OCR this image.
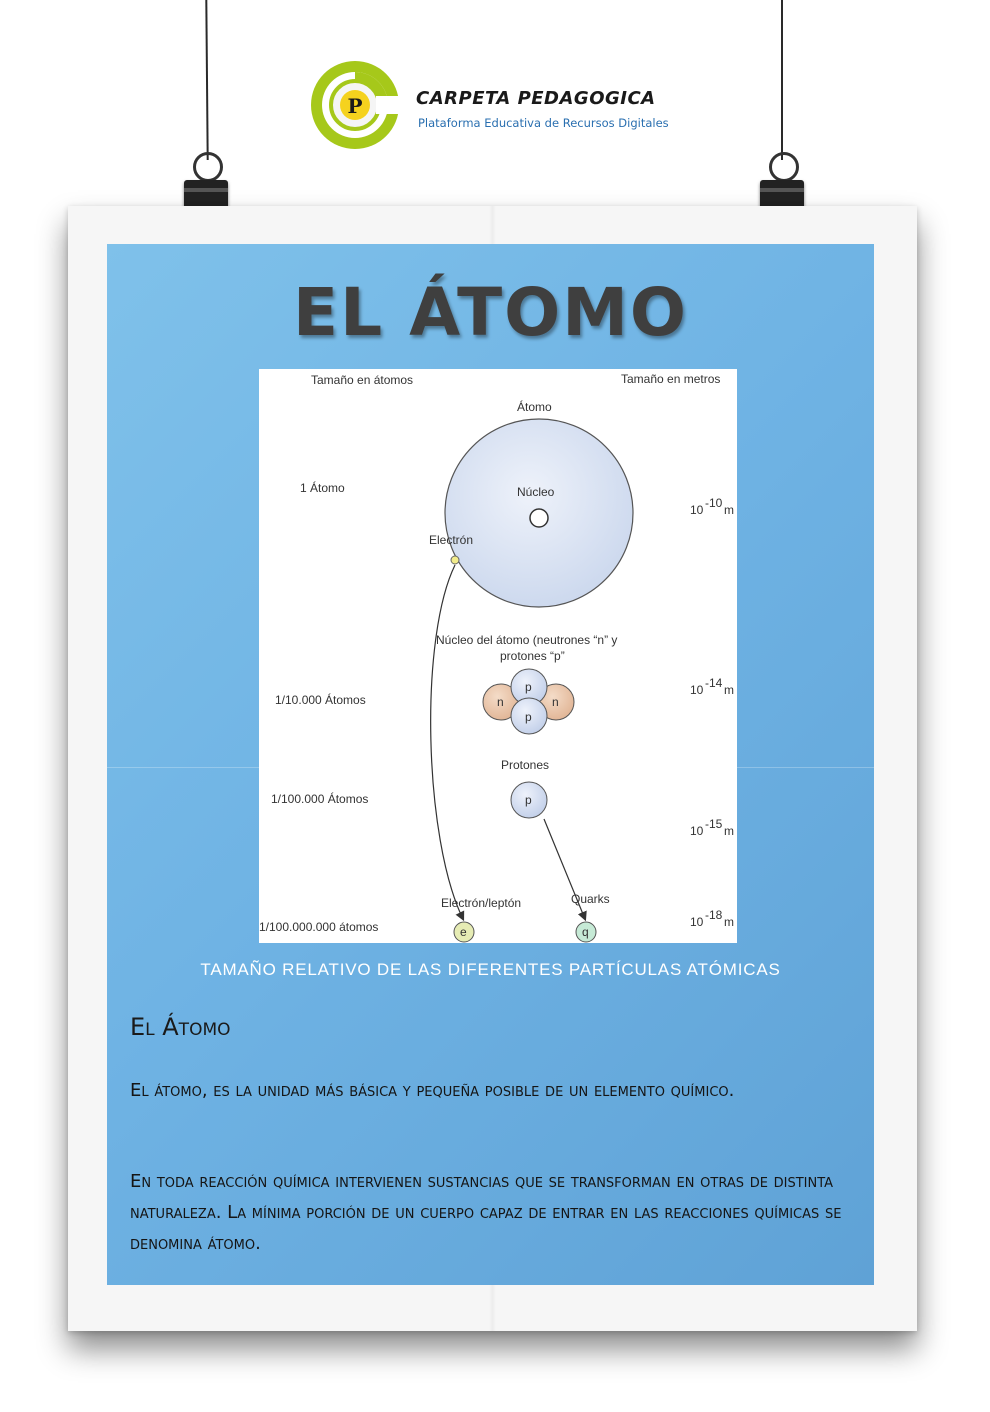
P	CARPETA PEDAGOGICA
Plataforma Educativa de Recursos Digitales
EL ÁTOMO
Tamaño en átomos	Tamaño en metros
Átomo
Núcleo
Electrón
1 Átomo
10 -10 m
Núcleo del átomo (neutrones “n” y
protones “p”
n	n
p
p
1/10.000 Átomos
10 -14 m
Protones
p
1/100.000 Átomos
10 -15 m
Electrón/leptón	Quarks
e	q
1/100.000.000 átomos	10 -18 m
TAMAÑO RELATIVO DE LAS DIFERENTES PARTÍCULAS ATÓMICAS
El Átomo
El átomo, es la unidad más básica y pequeña posible de un elemento químico.
En toda reacción química intervienen sustancias que se transforman en otras de distinta naturaleza. La mínima porción de un cuerpo capaz de entrar en las reacciones químicas se denomina átomo.
